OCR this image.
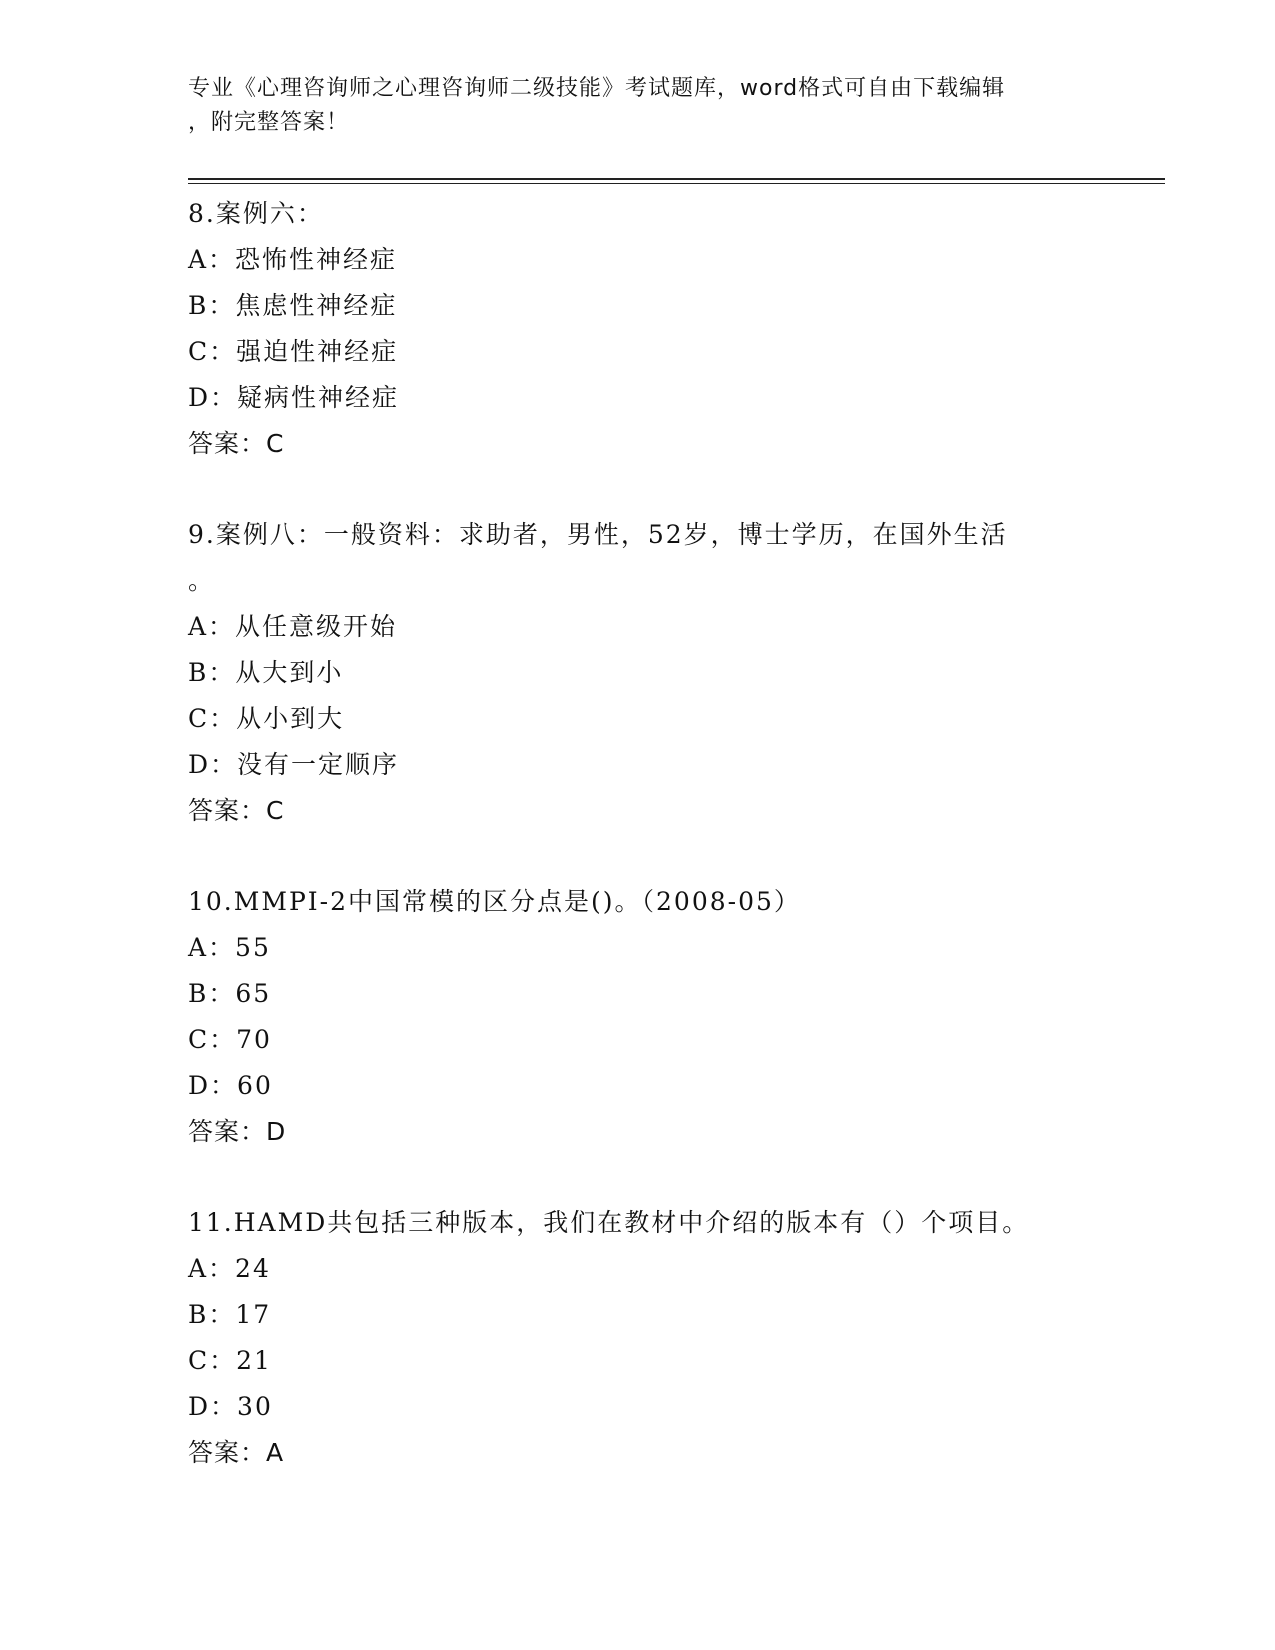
专业《心理咨询师之心理咨询师二级技能》考试题库，word格式可自由下载编辑
，附完整答案！
8.案例六：
A：恐怖性神经症
B：焦虑性神经症
C：强迫性神经症
D：疑病性神经症
答案：C
9.案例八：一般资料：求助者，男性，52岁，博士学历，在国外生活
。
A：从任意级开始
B：从大到小
C：从小到大
D：没有一定顺序
答案：C
10.MMPI-2中国常模的区分点是()。（2008-05）
A：55
B：65
C：70
D：60
答案：D
11.HAMD共包括三种版本，我们在教材中介绍的版本有（）个项目。
A：24
B：17
C：21
D：30
答案：A
